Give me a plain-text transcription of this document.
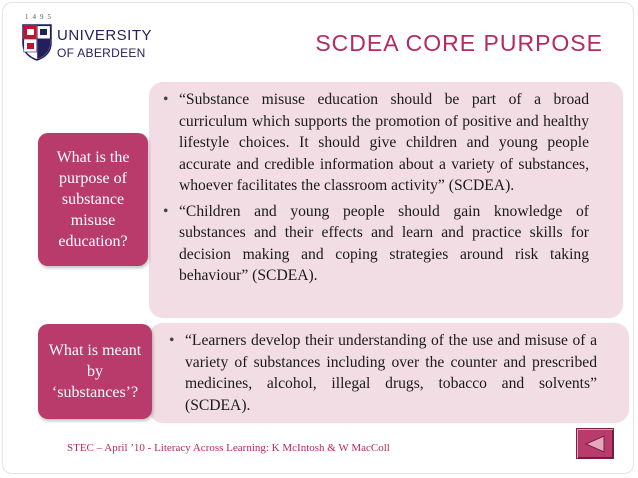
1495
UNIVERSITY
OF ABERDEEN	SCDEA CORE PURPOSE
What is the purpose of substance misuse education?
What is meant by ‘substances’?
• “Substance misuse education should be part of a broad curriculum which supports the promotion of positive and healthy lifestyle choices. It should give children and young people accurate and credible information about a variety of substances, whoever facilitates the classroom activity” (SCDEA).
• “Children and young people should gain knowledge of substances and their effects and learn and practice skills for decision making and coping strategies around risk taking behaviour” (SCDEA).
• “Learners develop their understanding of the use and misuse of a variety of substances including over the counter and prescribed medicines, alcohol, illegal drugs, tobacco and solvents” (SCDEA).
STEC – April ’10 - Literacy Across Learning: K McIntosh & W MacColl
